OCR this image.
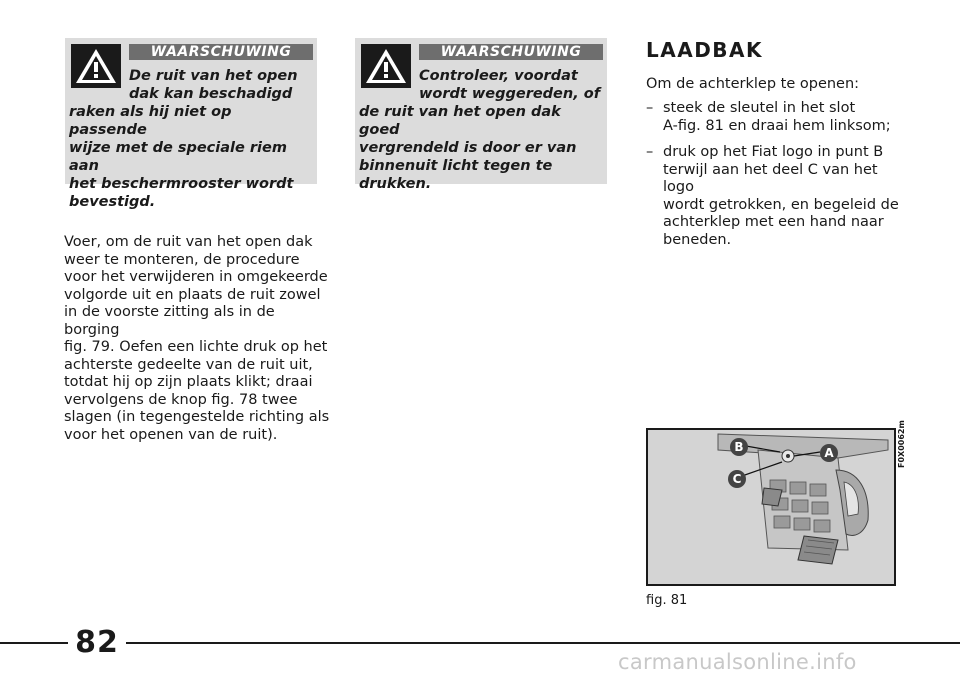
WAARSCHUWING
De ruit van het open
dak kan beschadigd
raken als hij niet op passende
wijze met de speciale riem aan
het beschermrooster wordt
bevestigd.
WAARSCHUWING
Controleer, voordat
wordt weggereden, of
de ruit van het open dak goed
vergrendeld is door er van
binnenuit licht tegen te
drukken.
Voer, om de ruit van het open dak
weer te monteren, de procedure
voor het verwijderen in omgekeerde
volgorde uit en plaats de ruit zowel
in de voorste zitting als in de borging
fig. 79. Oefen een lichte druk op het
achterste gedeelte van de ruit uit,
totdat hij op zijn plaats klikt; draai
vervolgens de knop fig. 78 twee
slagen (in tegengestelde richting als
voor het openen van de ruit).
LAADBAK
Om de achterklep te openen:
– steek de sleutel in het slot
A-fig. 81 en draai hem linksom;
– druk op het Fiat logo in punt B
terwijl aan het deel C van het logo
wordt getrokken, en begeleid de
achterklep met een hand naar
beneden.
B	A
C
F0X0062m
fig. 81
82
carmanualsonline.info
